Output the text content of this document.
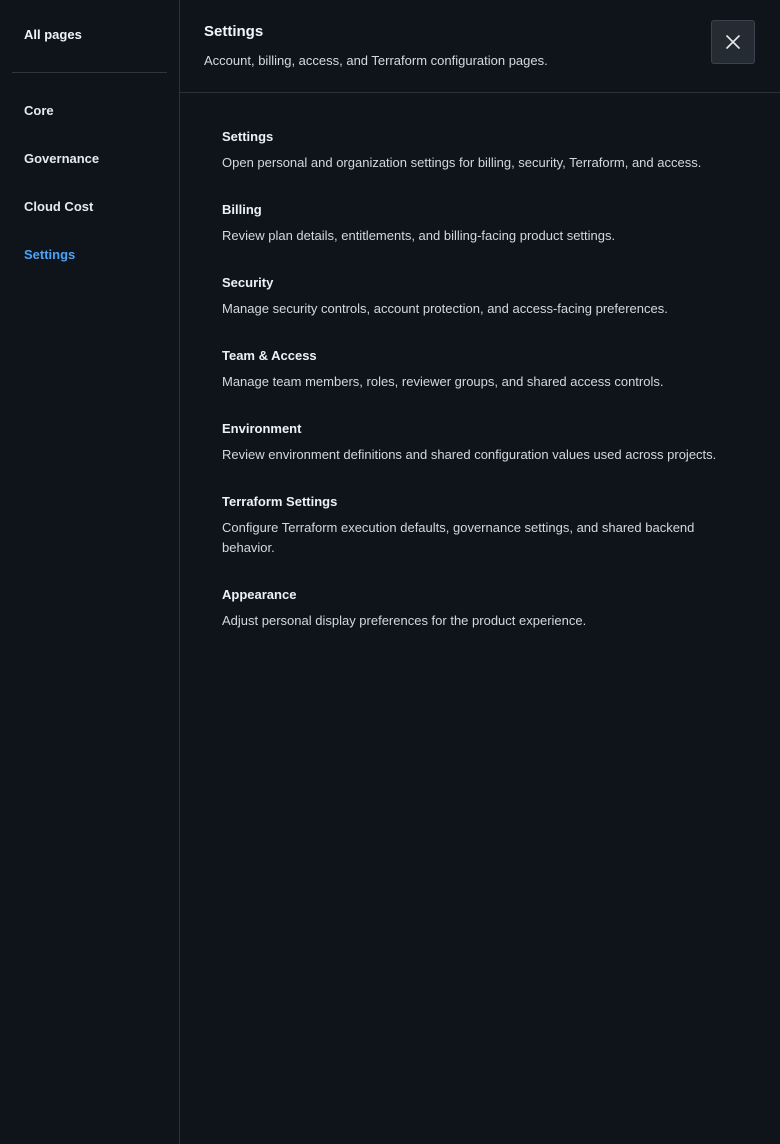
All pages
Core
Governance
Cloud Cost
Settings
Settings
Account, billing, access, and Terraform configuration pages.
Settings
Open personal and organization settings for billing, security, Terraform, and access.
Billing
Review plan details, entitlements, and billing-facing product settings.
Security
Manage security controls, account protection, and access-facing preferences.
Team & Access
Manage team members, roles, reviewer groups, and shared access controls.
Environment
Review environment definitions and shared configuration values used across projects.
Terraform Settings
Configure Terraform execution defaults, governance settings, and shared backend behavior.
Appearance
Adjust personal display preferences for the product experience.
